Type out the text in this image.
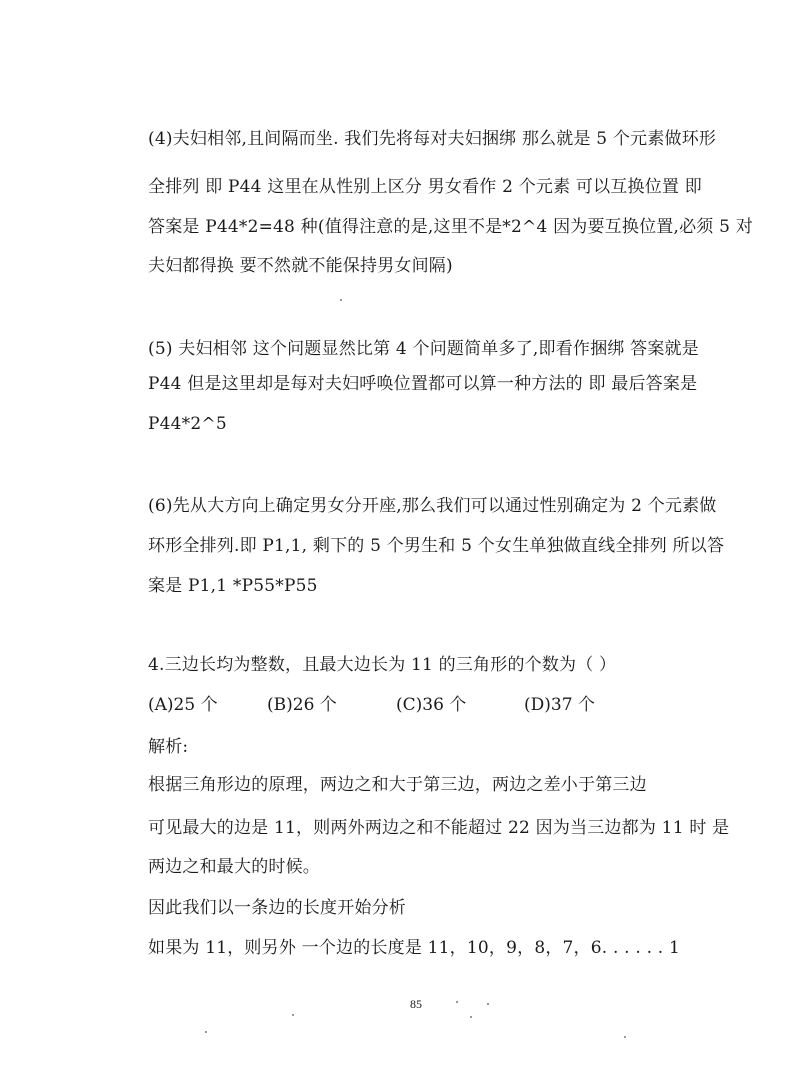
(4)夫妇相邻,且间隔而坐. 我们先将每对夫妇捆绑 那么就是 5 个元素做环形
全排列 即 P44 这里在从性别上区分 男女看作 2 个元素 可以互换位置 即
答案是 P44*2=48 种(值得注意的是,这里不是*2^4 因为要互换位置,必须 5 对
夫妇都得换 要不然就不能保持男女间隔)
(5) 夫妇相邻 这个问题显然比第 4 个问题简单多了,即看作捆绑 答案就是
P44 但是这里却是每对夫妇呼唤位置都可以算一种方法的 即 最后答案是
P44*2^5
(6)先从大方向上确定男女分开座,那么我们可以通过性别确定为 2 个元素做
环形全排列.即 P1,1, 剩下的 5 个男生和 5 个女生单独做直线全排列 所以答
案是 P1,1 *P55*P55
4.三边长均为整数，且最大边长为 11 的三角形的个数为（ ）
(A)25 个	(B)26 个	(C)36 个	(D)37 个
解析:
根据三角形边的原理，两边之和大于第三边，两边之差小于第三边
可见最大的边是 11，则两外两边之和不能超过 22 因为当三边都为 11 时 是
两边之和最大的时候。
因此我们以一条边的长度开始分析
如果为 11，则另外 一个边的长度是 11，10，9，8，7，6. . . . . . 1
85
